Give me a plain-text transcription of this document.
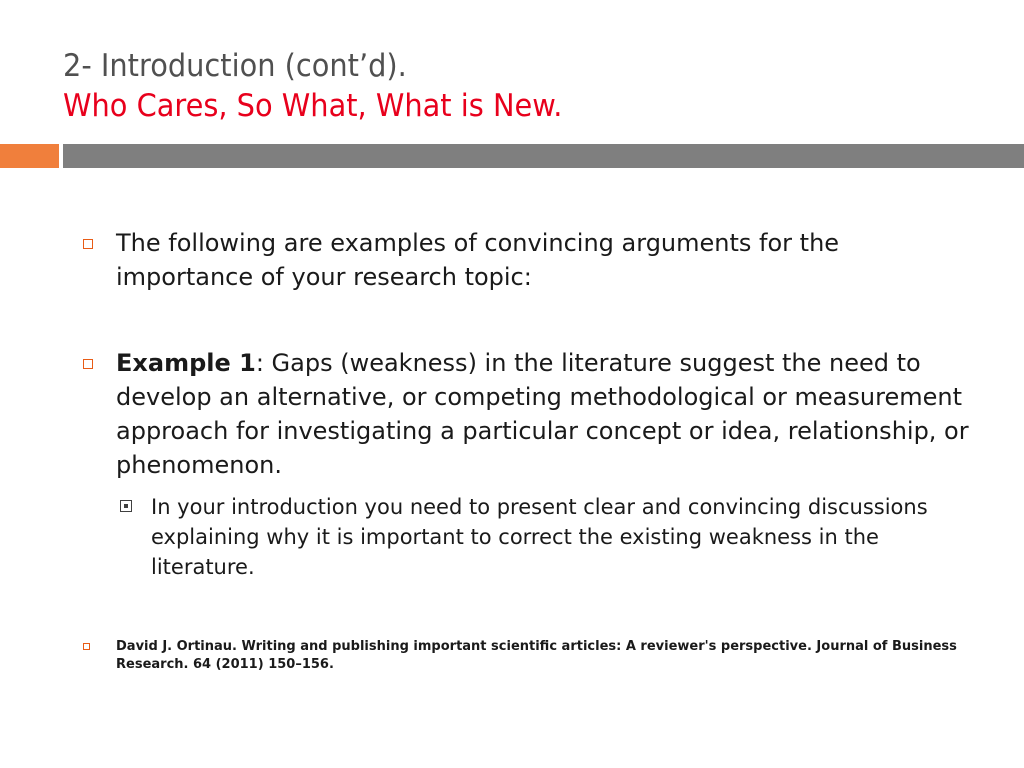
2- Introduction (cont’d).
Who Cares, So What, What is New.
The following are examples of convincing arguments for the importance of your research topic:
Example 1: Gaps (weakness) in the literature suggest the need to develop an alternative, or competing methodological or measurement approach for investigating a particular concept or idea, relationship, or phenomenon.
In your introduction you need to present clear and convincing discussions explaining why it is important to correct the existing weakness in the literature.
David J. Ortinau. Writing and publishing important scientific articles: A reviewer's perspective. Journal of Business Research. 64 (2011) 150–156.
